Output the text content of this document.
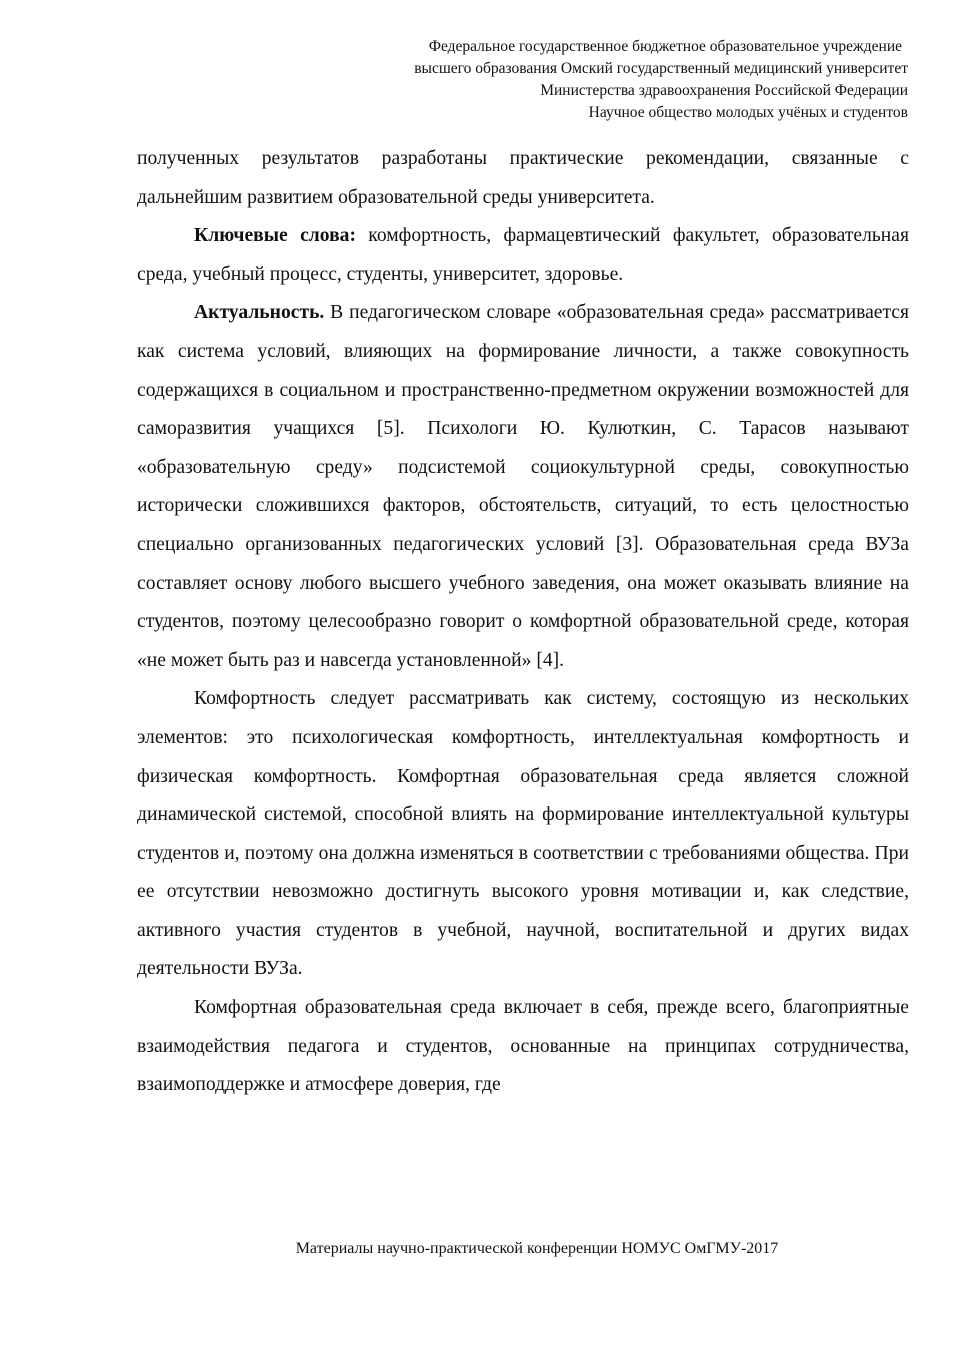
Федеральное государственное бюджетное образовательное учреждение
высшего образования Омский государственный медицинский университет
Министерства здравоохранения Российской Федерации
Научное общество молодых учёных и студентов

полученных результатов разработаны практические рекомендации, связанные с дальнейшим развитием образовательной среды университета.

Ключевые слова: комфортность, фармацевтический факультет, образовательная среда, учебный процесс, студенты, университет, здоровье.

Актуальность. В педагогическом словаре «образовательная среда» рассматривается как система условий, влияющих на формирование личности, а также совокупность содержащихся в социальном и пространственно-предметном окружении возможностей для саморазвития учащихся [5]. Психологи Ю. Кулюткин, С. Тарасов называют «образовательную среду» подсистемой социокультурной среды, совокупностью исторически сложившихся факторов, обстоятельств, ситуаций, то есть целостностью специально организованных педагогических условий [3]. Образовательная среда ВУЗа составляет основу любого высшего учебного заведения, она может оказывать влияние на студентов, поэтому целесообразно говорит о комфортной образовательной среде, которая «не может быть раз и навсегда установленной» [4].

Комфортность следует рассматривать как систему, состоящую из нескольких элементов: это психологическая комфортность, интеллектуальная комфортность и физическая комфортность. Комфортная образовательная среда является сложной динамической системой, способной влиять на формирование интеллектуальной культуры студентов и, поэтому она должна изменяться в соответствии с требованиями общества. При ее отсутствии невозможно достигнуть высокого уровня мотивации и, как следствие, активного участия студентов в учебной, научной, воспитательной и других видах деятельности ВУЗа.

Комфортная образовательная среда включает в себя, прежде всего, благоприятные взаимодействия педагога и студентов, основанные на принципах сотрудничества, взаимоподдержке и атмосфере доверия, где

Материалы научно-практической конференции НОМУС ОмГМУ-2017
